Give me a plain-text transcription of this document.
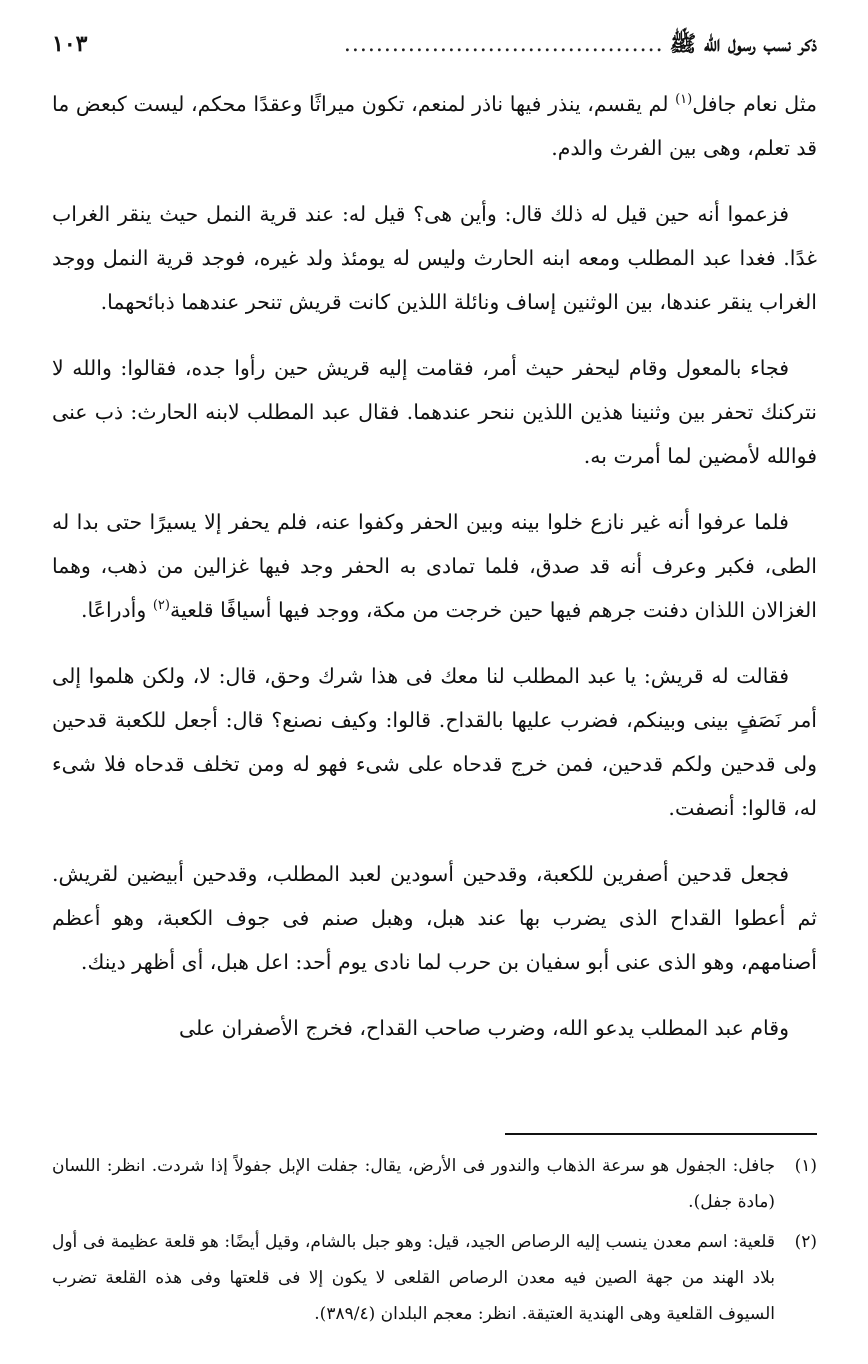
ذكر نسب رسول الله ﷺ
........................................
١٠٣

مثل نعام جافل$^{(١)}$ لم يقسم، ينذر فيها ناذر لمنعم، تكون ميراثًا وعقدًا محكم، ليست كبعض ما قد تعلم، وهى بين الفرث والدم.

فزعموا أنه حين قيل له ذلك قال: وأين هى؟ قيل له: عند قرية النمل حيث ينقر الغراب غدًا. فغدا عبد المطلب ومعه ابنه الحارث وليس له يومئذ ولد غيره، فوجد قرية النمل ووجد الغراب ينقر عندها، بين الوثنين إساف ونائلة اللذين كانت قريش تنحر عندهما ذبائحهما.

فجاء بالمعول وقام ليحفر حيث أمر، فقامت إليه قريش حين رأوا جده، فقالوا: والله لا نتركنك تحفر بين وثنينا هذين اللذين ننحر عندهما. فقال عبد المطلب لابنه الحارث: ذب عنى فوالله لأمضين لما أمرت به.

فلما عرفوا أنه غير نازع خلوا بينه وبين الحفر وكفوا عنه، فلم يحفر إلا يسيرًا حتى بدا له الطى، فكبر وعرف أنه قد صدق، فلما تمادى به الحفر وجد فيها غزالين من ذهب، وهما الغزالان اللذان دفنت جرهم فيها حين خرجت من مكة، ووجد فيها أسيافًا قلعية$^{(٢)}$ وأدراعًا.

فقالت له قريش: يا عبد المطلب لنا معك فى هذا شرك وحق، قال: لا، ولكن هلموا إلى أمر نَصَفٍ بينى وبينكم، فضرب عليها بالقداح. قالوا: وكيف نصنع؟ قال: أجعل للكعبة قدحين ولى قدحين ولكم قدحين، فمن خرج قدحاه على شىء فهو له ومن تخلف قدحاه فلا شىء له، قالوا: أنصفت.

فجعل قدحين أصفرين للكعبة، وقدحين أسودين لعبد المطلب، وقدحين أبيضين لقريش. ثم أعطوا القداح الذى يضرب بها عند هبل، وهبل صنم فى جوف الكعبة، وهو أعظم أصنامهم، وهو الذى عنى أبو سفيان بن حرب لما نادى يوم أحد: اعل هبل، أى أظهر دينك.

وقام عبد المطلب يدعو الله، وضرب صاحب القداح، فخرج الأصفران على

(١)جافل: الجفول هو سرعة الذهاب والندور فى الأرض، يقال: جفلت الإبل جفولاً إذا شردت. انظر: اللسان (مادة جفل).
(٢)قلعية: اسم معدن ينسب إليه الرصاص الجيد، قيل: وهو جبل بالشام، وقيل أيضًا: هو قلعة عظيمة فى أول بلاد الهند من جهة الصين فيه معدن الرصاص القلعى لا يكون إلا فى قلعتها وفى هذه القلعة تضرب السيوف القلعية وهى الهندية العتيقة. انظر: معجم البلدان (٣٨٩/٤).
